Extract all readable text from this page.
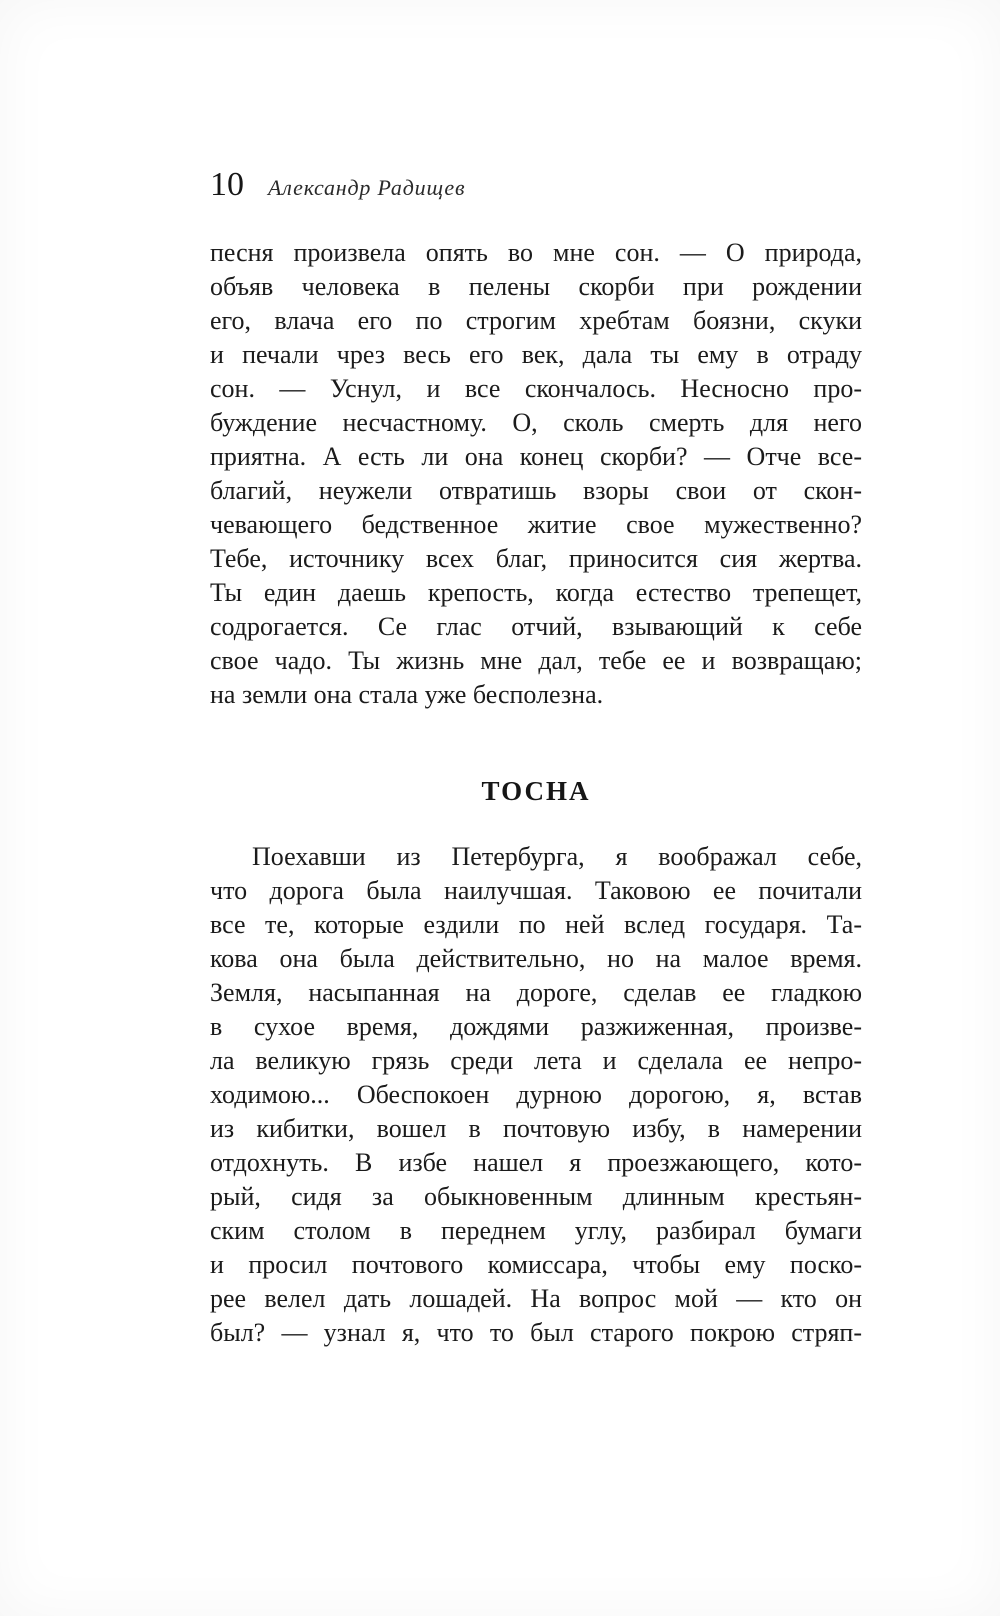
10 Александр Радищев
песня произвела опять во мне сон. — О природа,
объяв человека в пелены скорби при рождении
его, влача его по строгим хребтам боязни, скуки
и печали чрез весь его век, дала ты ему в отраду
сон. — Уснул, и все скончалось. Несносно про-
буждение несчастному. О, сколь смерть для него
приятна. А есть ли она конец скорби? — Отче все-
благий, неужели отвратишь взоры свои от скон-
чевающего бедственное житие свое мужественно?
Тебе, источнику всех благ, приносится сия жертва.
Ты един даешь крепость, когда естество трепещет,
содрогается. Се глас отчий, взывающий к себе
свое чадо. Ты жизнь мне дал, тебе ее и возвращаю;
на земли она стала уже бесполезна.
ТОСНА
Поехавши из Петербурга, я воображал себе,
что дорога была наилучшая. Таковою ее почитали
все те, которые ездили по ней вслед государя. Та-
кова она была действительно, но на малое время.
Земля, насыпанная на дороге, сделав ее гладкою
в сухое время, дождями разжиженная, произве-
ла великую грязь среди лета и сделала ее непро-
ходимою... Обеспокоен дурною дорогою, я, встав
из кибитки, вошел в почтовую избу, в намерении
отдохнуть. В избе нашел я проезжающего, кото-
рый, сидя за обыкновенным длинным крестьян-
ским столом в переднем углу, разбирал бумаги
и просил почтового комиссара, чтобы ему поско-
рее велел дать лошадей. На вопрос мой — кто он
был? — узнал я, что то был старого покрою стряп-
